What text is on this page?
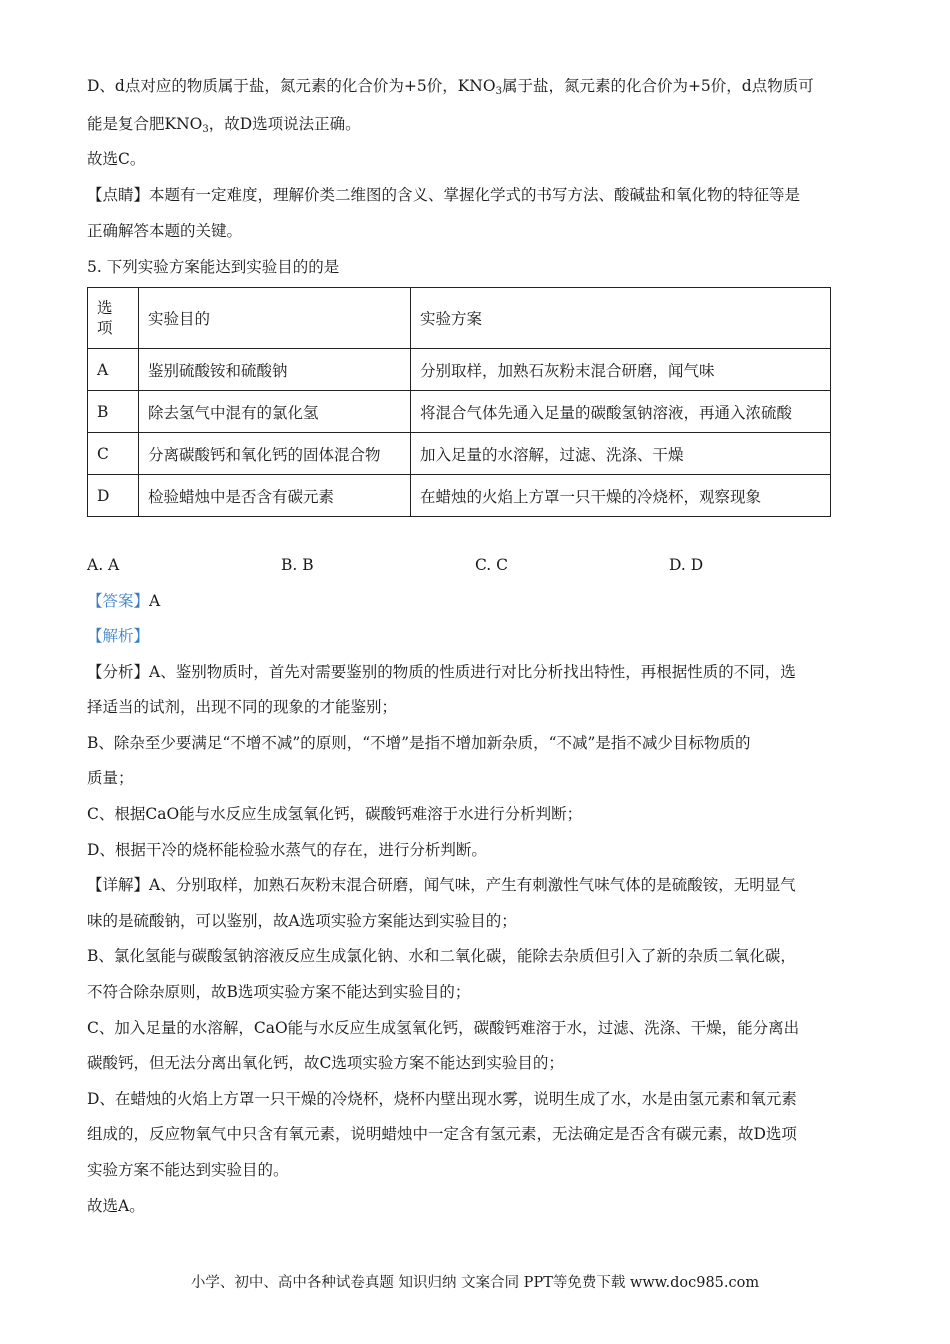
D、d点对应的物质属于盐，氮元素的化合价为+5价，$KNO_3$属于盐，氮元素的化合价为+5价，d点物质可
能是复合肥$KNO_3$，故D选项说法正确。
故选C。
【点睛】本题有一定难度，理解价类二维图的含义、掌握化学式的书写方法、酸碱盐和氧化物的特征等是
正确解答本题的关键。
5. 下列实验方案能达到实验目的的是
选
项	实验目的	实验方案
A	鉴别硫酸铵和硫酸钠	分别取样，加熟石灰粉末混合研磨，闻气味
B	除去氢气中混有的氯化氢	将混合气体先通入足量的碳酸氢钠溶液，再通入浓硫酸
C	分离碳酸钙和氧化钙的固体混合物	加入足量的水溶解，过滤、洗涤、干燥
D	检验蜡烛中是否含有碳元素	在蜡烛的火焰上方罩一只干燥的冷烧杯，观察现象
A. A	B. B	C. C	D. D
【答案】A
【解析】
【分析】A、鉴别物质时，首先对需要鉴别的物质的性质进行对比分析找出特性，再根据性质的不同，选
择适当的试剂，出现不同的现象的才能鉴别；
B、除杂至少要满足“不增不减”的原则，“不增”是指不增加新杂质，“不减”是指不减少目标物质的
质量；
C、根据CaO能与水反应生成氢氧化钙，碳酸钙难溶于水进行分析判断；
D、根据干冷的烧杯能检验水蒸气的存在，进行分析判断。
【详解】A、分别取样，加熟石灰粉末混合研磨，闻气味，产生有刺激性气味气体的是硫酸铵，无明显气
味的是硫酸钠，可以鉴别，故A选项实验方案能达到实验目的；
B、氯化氢能与碳酸氢钠溶液反应生成氯化钠、水和二氧化碳，能除去杂质但引入了新的杂质二氧化碳，
不符合除杂原则，故B选项实验方案不能达到实验目的；
C、加入足量的水溶解，CaO能与水反应生成氢氧化钙，碳酸钙难溶于水，过滤、洗涤、干燥，能分离出
碳酸钙，但无法分离出氧化钙，故C选项实验方案不能达到实验目的；
D、在蜡烛的火焰上方罩一只干燥的冷烧杯，烧杯内壁出现水雾，说明生成了水，水是由氢元素和氧元素
组成的，反应物氧气中只含有氧元素，说明蜡烛中一定含有氢元素，无法确定是否含有碳元素，故D选项
实验方案不能达到实验目的。
故选A。
小学、初中、高中各种试卷真题 知识归纳 文案合同 PPT等免费下载 www.doc985.com
